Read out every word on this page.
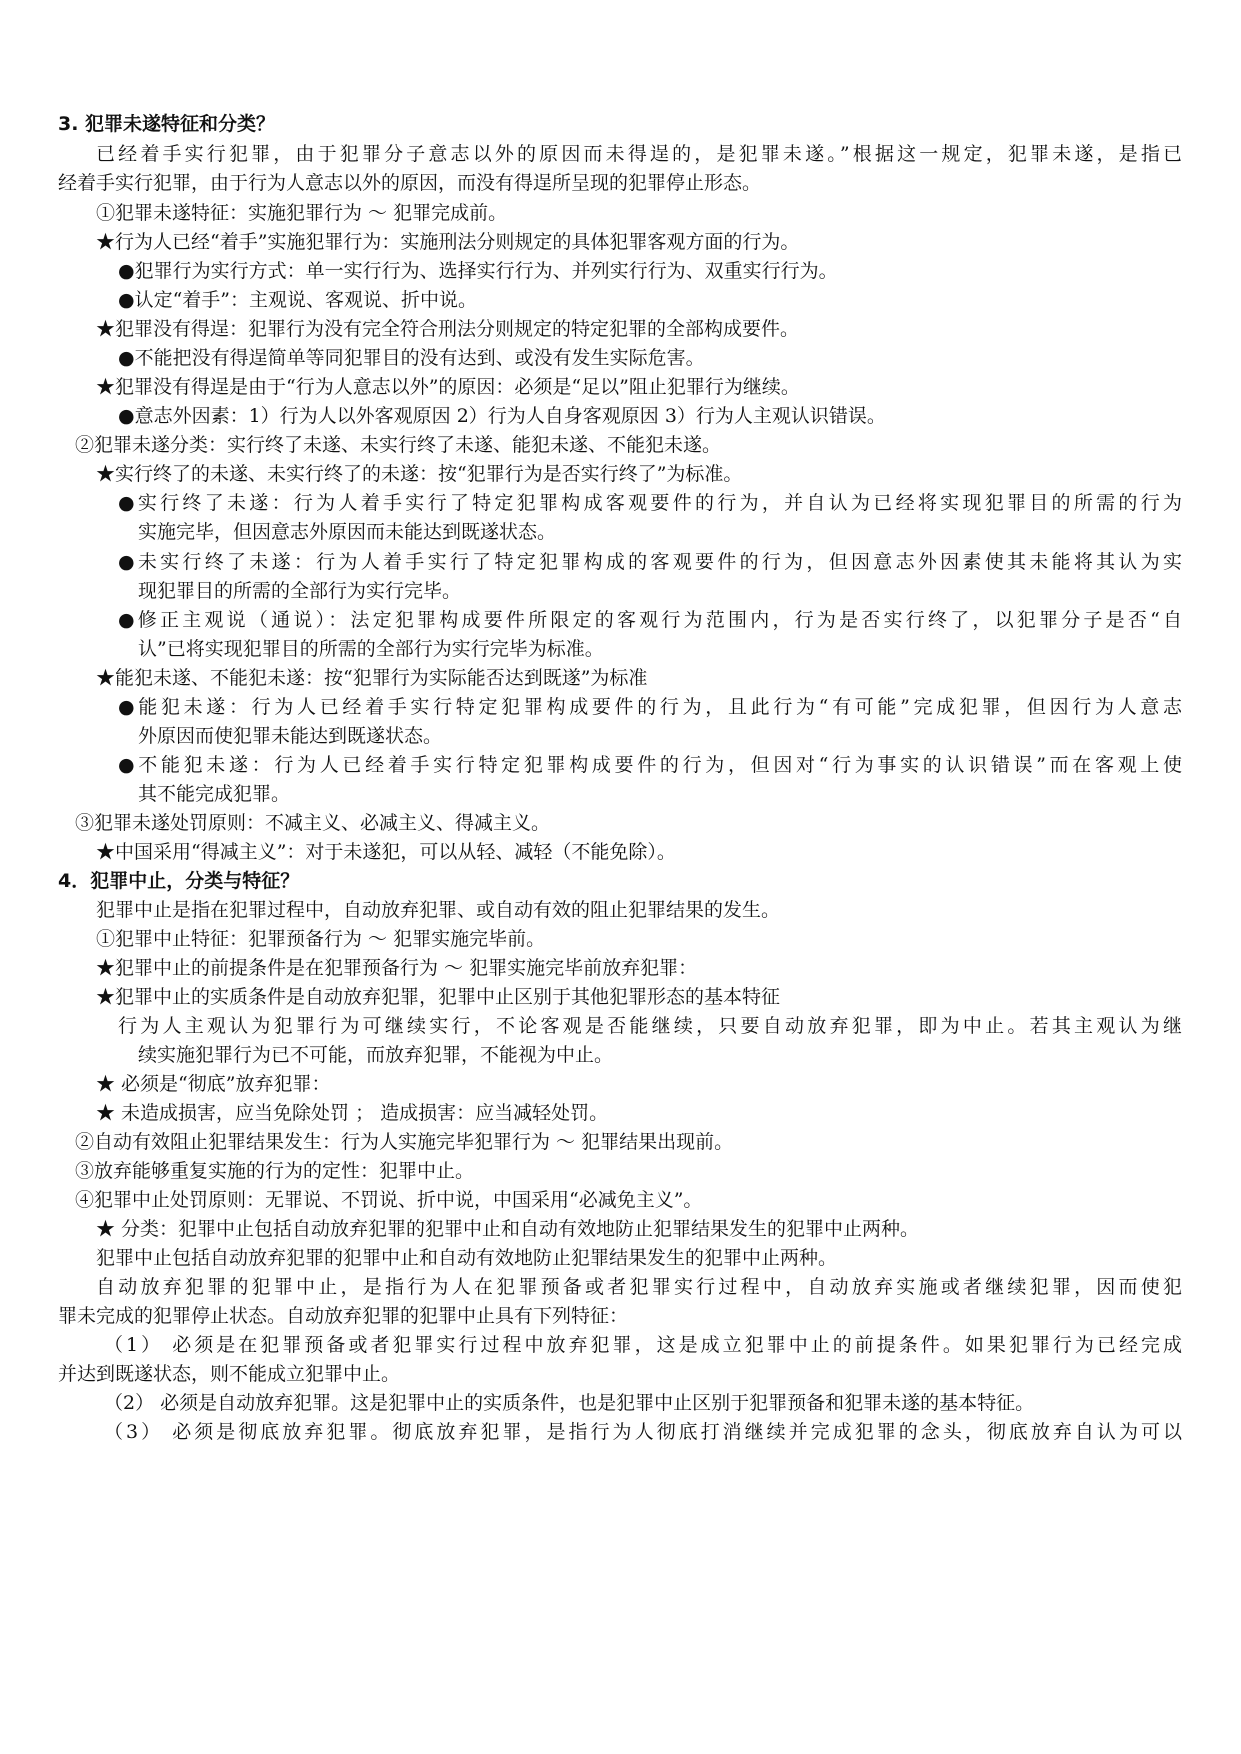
3. 犯罪未遂特征和分类？
已经着手实行犯罪，由于犯罪分子意志以外的原因而未得逞的，是犯罪未遂。”根据这一规定，犯罪未遂，是指已
经着手实行犯罪，由于行为人意志以外的原因，而没有得逞所呈现的犯罪停止形态。
①犯罪未遂特征：实施犯罪行为 ～ 犯罪完成前。
★行为人已经“着手”实施犯罪行为：实施刑法分则规定的具体犯罪客观方面的行为。
●犯罪行为实行方式：单一实行行为、选择实行行为、并列实行行为、双重实行行为。
●认定“着手”：主观说、客观说、折中说。
★犯罪没有得逞：犯罪行为没有完全符合刑法分则规定的特定犯罪的全部构成要件。
●不能把没有得逞简单等同犯罪目的没有达到、或没有发生实际危害。
★犯罪没有得逞是由于“行为人意志以外”的原因：必须是“足以”阻止犯罪行为继续。
●意志外因素：1）行为人以外客观原因 2）行为人自身客观原因 3）行为人主观认识错误。
②犯罪未遂分类：实行终了未遂、未实行终了未遂、能犯未遂、不能犯未遂。
★实行终了的未遂、未实行终了的未遂：按“犯罪行为是否实行终了”为标准。
●实行终了未遂：行为人着手实行了特定犯罪构成客观要件的行为，并自认为已经将实现犯罪目的所需的行为
实施完毕，但因意志外原因而未能达到既遂状态。
●未实行终了未遂：行为人着手实行了特定犯罪构成的客观要件的行为，但因意志外因素使其未能将其认为实
现犯罪目的所需的全部行为实行完毕。
●修正主观说（通说）：法定犯罪构成要件所限定的客观行为范围内，行为是否实行终了，以犯罪分子是否“自
认”已将实现犯罪目的所需的全部行为实行完毕为标准。
★能犯未遂、不能犯未遂：按“犯罪行为实际能否达到既遂”为标准
●能犯未遂：行为人已经着手实行特定犯罪构成要件的行为，且此行为“有可能”完成犯罪，但因行为人意志
外原因而使犯罪未能达到既遂状态。
●不能犯未遂：行为人已经着手实行特定犯罪构成要件的行为，但因对“行为事实的认识错误”而在客观上使
其不能完成犯罪。
③犯罪未遂处罚原则：不减主义、必减主义、得减主义。
★中国采用“得减主义”：对于未遂犯，可以从轻、减轻（不能免除）。
4．犯罪中止，分类与特征？
犯罪中止是指在犯罪过程中，自动放弃犯罪、或自动有效的阻止犯罪结果的发生。
①犯罪中止特征：犯罪预备行为 ～ 犯罪实施完毕前。
★犯罪中止的前提条件是在犯罪预备行为 ～ 犯罪实施完毕前放弃犯罪：
★犯罪中止的实质条件是自动放弃犯罪，犯罪中止区别于其他犯罪形态的基本特征
行为人主观认为犯罪行为可继续实行，不论客观是否能继续，只要自动放弃犯罪，即为中止。若其主观认为继
续实施犯罪行为已不可能，而放弃犯罪，不能视为中止。
★ 必须是“彻底”放弃犯罪：
★ 未造成损害，应当免除处罚 ； 造成损害：应当减轻处罚。
②自动有效阻止犯罪结果发生：行为人实施完毕犯罪行为 ～ 犯罪结果出现前。
③放弃能够重复实施的行为的定性：犯罪中止。
④犯罪中止处罚原则：无罪说、不罚说、折中说，中国采用“必减免主义”。
★ 分类：犯罪中止包括自动放弃犯罪的犯罪中止和自动有效地防止犯罪结果发生的犯罪中止两种。
犯罪中止包括自动放弃犯罪的犯罪中止和自动有效地防止犯罪结果发生的犯罪中止两种。
自动放弃犯罪的犯罪中止，是指行为人在犯罪预备或者犯罪实行过程中，自动放弃实施或者继续犯罪，因而使犯
罪未完成的犯罪停止状态。自动放弃犯罪的犯罪中止具有下列特征：
（1） 必须是在犯罪预备或者犯罪实行过程中放弃犯罪，这是成立犯罪中止的前提条件。如果犯罪行为已经完成
并达到既遂状态，则不能成立犯罪中止。
（2） 必须是自动放弃犯罪。这是犯罪中止的实质条件，也是犯罪中止区别于犯罪预备和犯罪未遂的基本特征。
（3） 必须是彻底放弃犯罪。彻底放弃犯罪，是指行为人彻底打消继续并完成犯罪的念头，彻底放弃自认为可以
